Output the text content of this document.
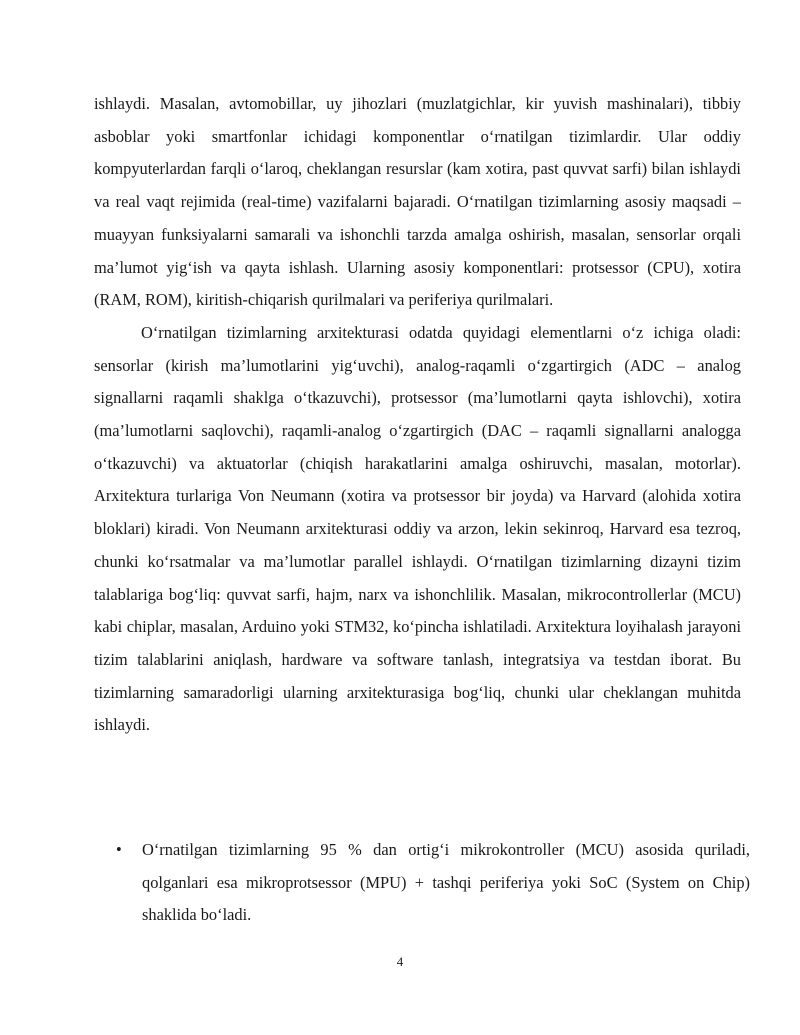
ishlaydi. Masalan, avtomobillar, uy jihozlari (muzlatgichlar, kir yuvish mashinalari), tibbiy asboblar yoki smartfonlar ichidagi komponentlar o‘rnatilgan tizimlardir. Ular oddiy kompyuterlardan farqli o‘laroq, cheklangan resurslar (kam xotira, past quvvat sarfi) bilan ishlaydi va real vaqt rejimida (real-time) vazifalarni bajaradi. O‘rnatilgan tizimlarning asosiy maqsadi – muayyan funksiyalarni samarali va ishonchli tarzda amalga oshirish, masalan, sensorlar orqali ma’lumot yig‘ish va qayta ishlash. Ularning asosiy komponentlari: protsessor (CPU), xotira (RAM, ROM), kiritish-chiqarish qurilmalari va periferiya qurilmalari.

O‘rnatilgan tizimlarning arxitekturasi odatda quyidagi elementlarni o‘z ichiga oladi: sensorlar (kirish ma’lumotlarini yig‘uvchi), analog-raqamli o‘zgartirgich (ADC – analog signallarni raqamli shaklga o‘tkazuvchi), protsessor (ma’lumotlarni qayta ishlovchi), xotira (ma’lumotlarni saqlovchi), raqamli-analog o‘zgartirgich (DAC – raqamli signallarni analogga o‘tkazuvchi) va aktuatorlar (chiqish harakatlarini amalga oshiruvchi, masalan, motorlar). Arxitektura turlariga Von Neumann (xotira va protsessor bir joyda) va Harvard (alohida xotira bloklari) kiradi. Von Neumann arxitekturasi oddiy va arzon, lekin sekinroq, Harvard esa tezroq, chunki ko‘rsatmalar va ma’lumotlar parallel ishlaydi. O‘rnatilgan tizimlarning dizayni tizim talablariga bog‘liq: quvvat sarfi, hajm, narx va ishonchlilik. Masalan, mikrocontrollerlar (MCU) kabi chiplar, masalan, Arduino yoki STM32, ko‘pincha ishlatiladi. Arxitektura loyihalash jarayoni tizim talablarini aniqlash, hardware va software tanlash, integratsiya va testdan iborat. Bu tizimlarning samaradorligi ularning arxitekturasiga bog‘liq, chunki ular cheklangan muhitda ishlaydi.

• O‘rnatilgan tizimlarning 95 % dan ortig‘i mikrokontroller (MCU) asosida quriladi, qolganlari esa mikroprotsessor (MPU) + tashqi periferiya yoki SoC (System on Chip) shaklida bo‘ladi.
4
